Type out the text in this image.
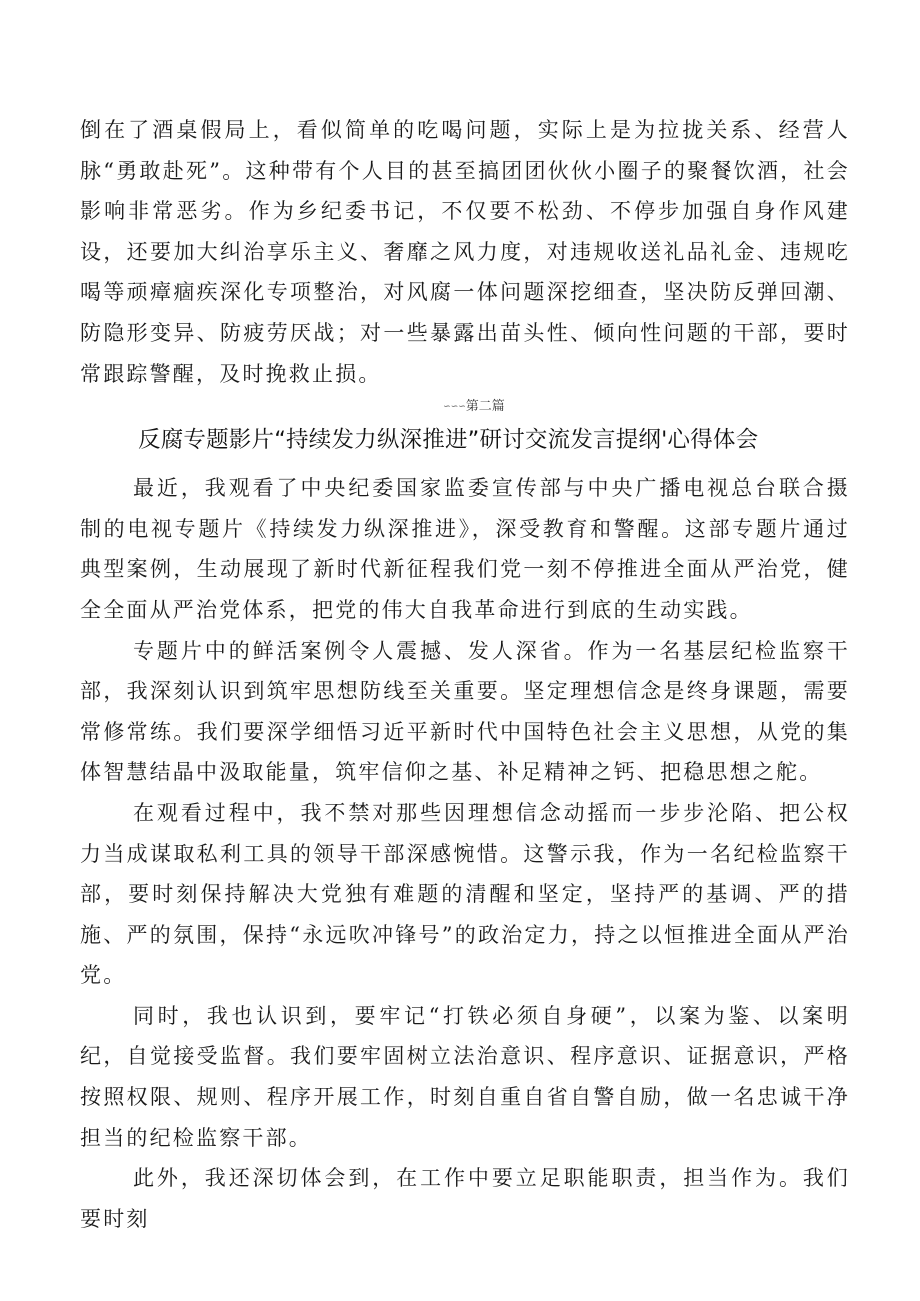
倒在了酒桌假局上，看似简单的吃喝问题，实际上是为拉拢关系、经营人脉“勇敢赴死”。这种带有个人目的甚至搞团团伙伙小圈子的聚餐饮酒，社会影响非常恶劣。作为乡纪委书记，不仅要不松劲、不停步加强自身作风建设，还要加大纠治享乐主义、奢靡之风力度，对违规收送礼品礼金、违规吃喝等顽瘴痼疾深化专项整治，对风腐一体问题深挖细查，坚决防反弹回潮、防隐形变异、防疲劳厌战；对一些暴露出苗头性、倾向性问题的干部，要时常跟踪警醒，及时挽救止损。

∽∽∽第二篇
反腐专题影片“持续发力纵深推进”研讨交流发言提纲'心得体会

最近，我观看了中央纪委国家监委宣传部与中央广播电视总台联合摄制的电视专题片《持续发力纵深推进》，深受教育和警醒。这部专题片通过典型案例，生动展现了新时代新征程我们党一刻不停推进全面从严治党，健全全面从严治党体系，把党的伟大自我革命进行到底的生动实践。

专题片中的鲜活案例令人震撼、发人深省。作为一名基层纪检监察干部，我深刻认识到筑牢思想防线至关重要。坚定理想信念是终身课题，需要常修常练。我们要深学细悟习近平新时代中国特色社会主义思想，从党的集体智慧结晶中汲取能量，筑牢信仰之基、补足精神之钙、把稳思想之舵。

在观看过程中，我不禁对那些因理想信念动摇而一步步沦陷、把公权力当成谋取私利工具的领导干部深感惋惜。这警示我，作为一名纪检监察干部，要时刻保持解决大党独有难题的清醒和坚定，坚持严的基调、严的措施、严的氛围，保持“永远吹冲锋号”的政治定力，持之以恒推进全面从严治党。

同时，我也认识到，要牢记“打铁必须自身硬”，以案为鉴、以案明纪，自觉接受监督。我们要牢固树立法治意识、程序意识、证据意识，严格按照权限、规则、程序开展工作，时刻自重自省自警自励，做一名忠诚干净担当的纪检监察干部。

此外，我还深切体会到，在工作中要立足职能职责，担当作为。我们要时刻
